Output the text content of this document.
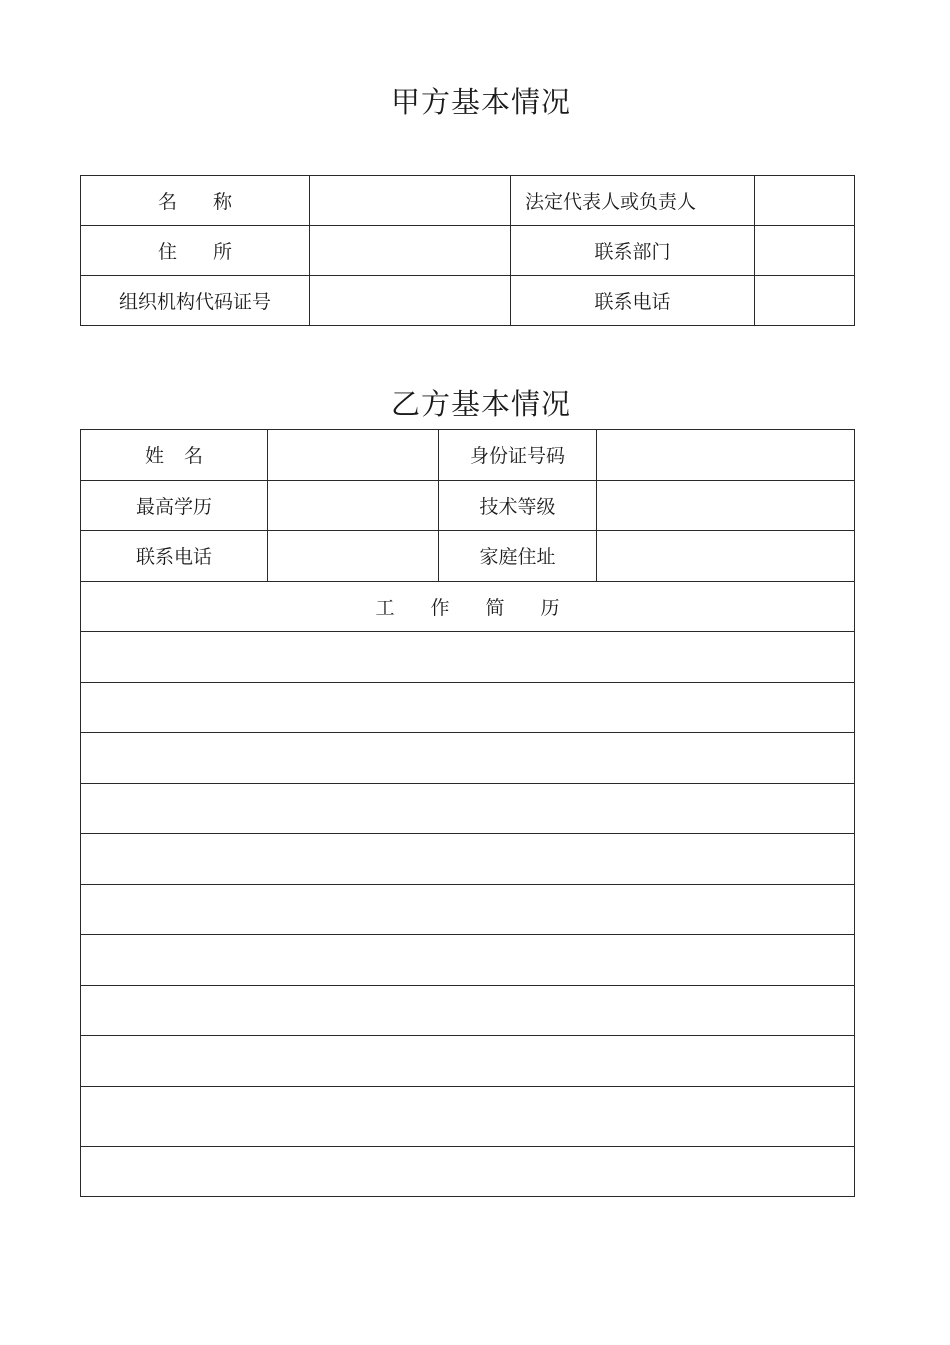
甲方基本情况
名 称		法定代表人或负责人	
住 所		联系部门	
组织机构代码证号		联系电话	
乙方基本情况
姓 名		身份证号码	
最高学历		技术等级	
联系电话		家庭住址	
工 作 简 历			
